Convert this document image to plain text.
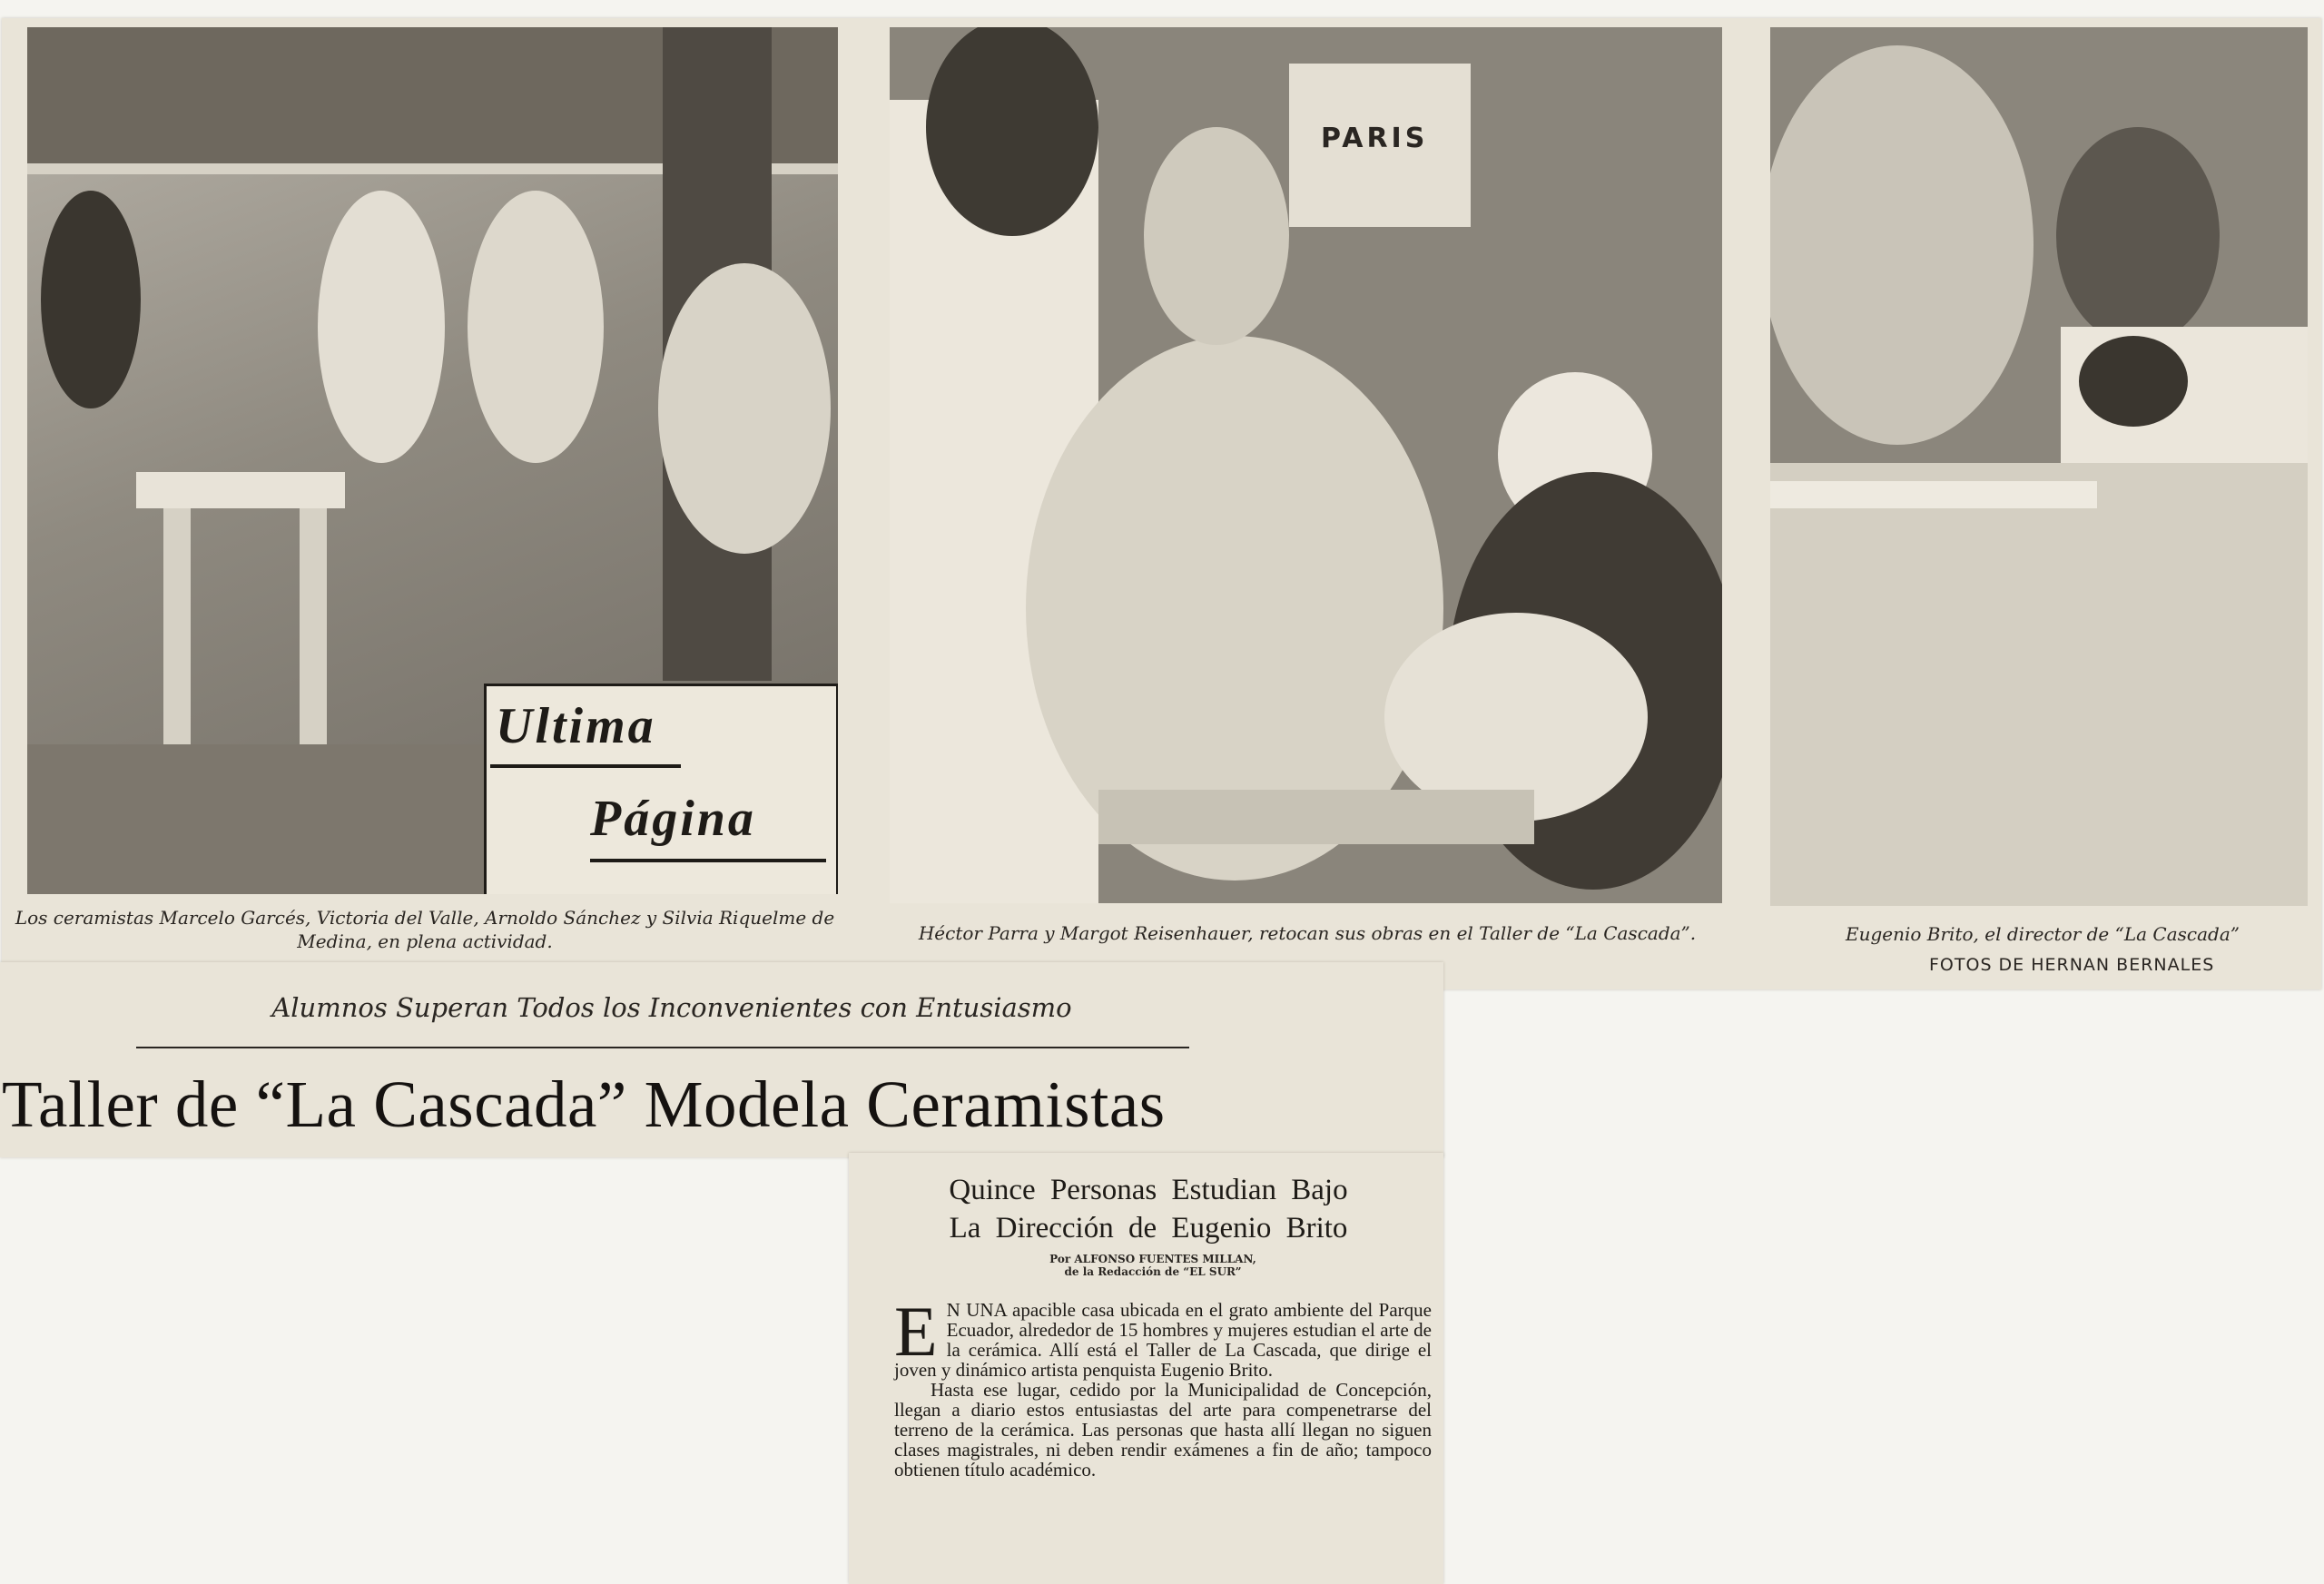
Ultima
Página
PARIS
Los ceramistas Marcelo Garcés, Victoria del Valle, Arnoldo Sánchez y Silvia Riquelme de Medina, en plena actividad.	Héctor Parra y Margot Reisenhauer, retocan sus obras en el Taller de “La Cascada”.	Eugenio Brito, el director de “La Cascada”
FOTOS DE HERNAN BERNALES
Alumnos Superan Todos los Inconvenientes con Entusiasmo
Taller de “La Cascada” Modela Ceramistas
Quince Personas Estudian Bajo
La Dirección de Eugenio Brito
Por ALFONSO FUENTES MILLAN,
de la Redacción de “EL SUR”

E N UNA apacible casa ubicada en el grato ambiente del Parque Ecuador, alrededor de 15 hombres y mujeres estudian el arte de la cerámica. Allí está el Taller de La Cascada, que dirige el joven y dinámico artista penquista Eugenio Brito.

Hasta ese lugar, cedido por la Municipalidad de Concepción, llegan a diario estos entusiastas del arte para compenetrarse del terreno de la cerámica. Las personas que hasta allí llegan no siguen clases magistrales, ni deben rendir exámenes a fin de año; tampoco obtienen título académico.
